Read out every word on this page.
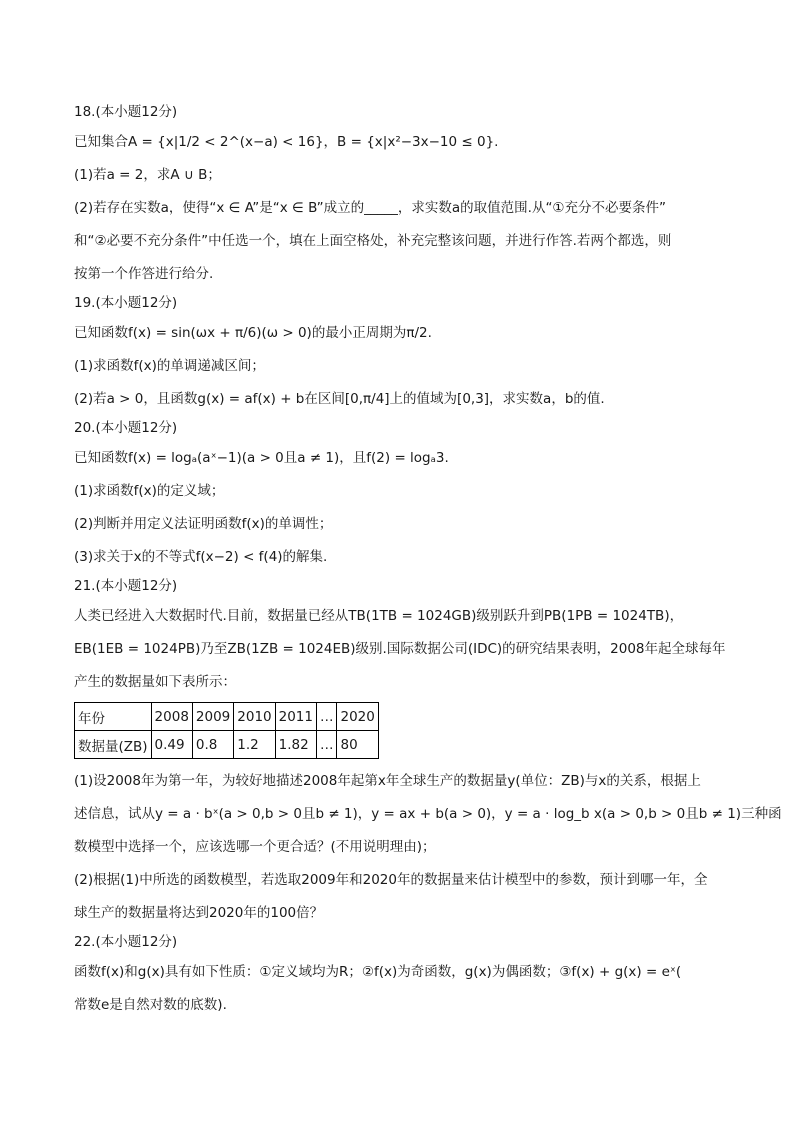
18.(本小题12分)

已知集合A = {x|1/2 < 2^(x−a) < 16}，B = {x|x²−3x−10 ≤ 0}.

(1)若a = 2，求A ∪ B；

(2)若存在实数a，使得“x ∈ A”是“x ∈ B”成立的_____，求实数a的取值范围.从“①充分不必要条件”

和“②必要不充分条件”中任选一个，填在上面空格处，补充完整该问题，并进行作答.若两个都选，则

按第一个作答进行给分.

19.(本小题12分)

已知函数f(x) = sin(ωx + π/6)(ω > 0)的最小正周期为π/2.

(1)求函数f(x)的单调递减区间；

(2)若a > 0，且函数g(x) = af(x) + b在区间[0,π/4]上的值域为[0,3]，求实数a，b的值.

20.(本小题12分)

已知函数f(x) = logₐ(aˣ−1)(a > 0且a ≠ 1)，且f(2) = logₐ3.

(1)求函数f(x)的定义域；

(2)判断并用定义法证明函数f(x)的单调性；

(3)求关于x的不等式f(x−2) < f(4)的解集.

21.(本小题12分)

人类已经进入大数据时代.目前，数据量已经从TB(1TB = 1024GB)级别跃升到PB(1PB = 1024TB)，

EB(1EB = 1024PB)乃至ZB(1ZB = 1024EB)级别.国际数据公司(IDC)的研究结果表明，2008年起全球每年

产生的数据量如下表所示：

年份	2008	2009	2010	2011	…	2020
数据量(ZB)	0.49	0.8	1.2	1.82	…	80

(1)设2008年为第一年，为较好地描述2008年起第x年全球生产的数据量y(单位：ZB)与x的关系，根据上

述信息，试从y = a · bˣ(a > 0,b > 0且b ≠ 1)，y = ax + b(a > 0)，y = a · log_b x(a > 0,b > 0且b ≠ 1)三种函

数模型中选择一个，应该选哪一个更合适？(不用说明理由)；

(2)根据(1)中所选的函数模型，若选取2009年和2020年的数据量来估计模型中的参数，预计到哪一年，全

球生产的数据量将达到2020年的100倍？

22.(本小题12分)

函数f(x)和g(x)具有如下性质：①定义域均为R；②f(x)为奇函数，g(x)为偶函数；③f(x) + g(x) = eˣ(

常数e是自然对数的底数).
